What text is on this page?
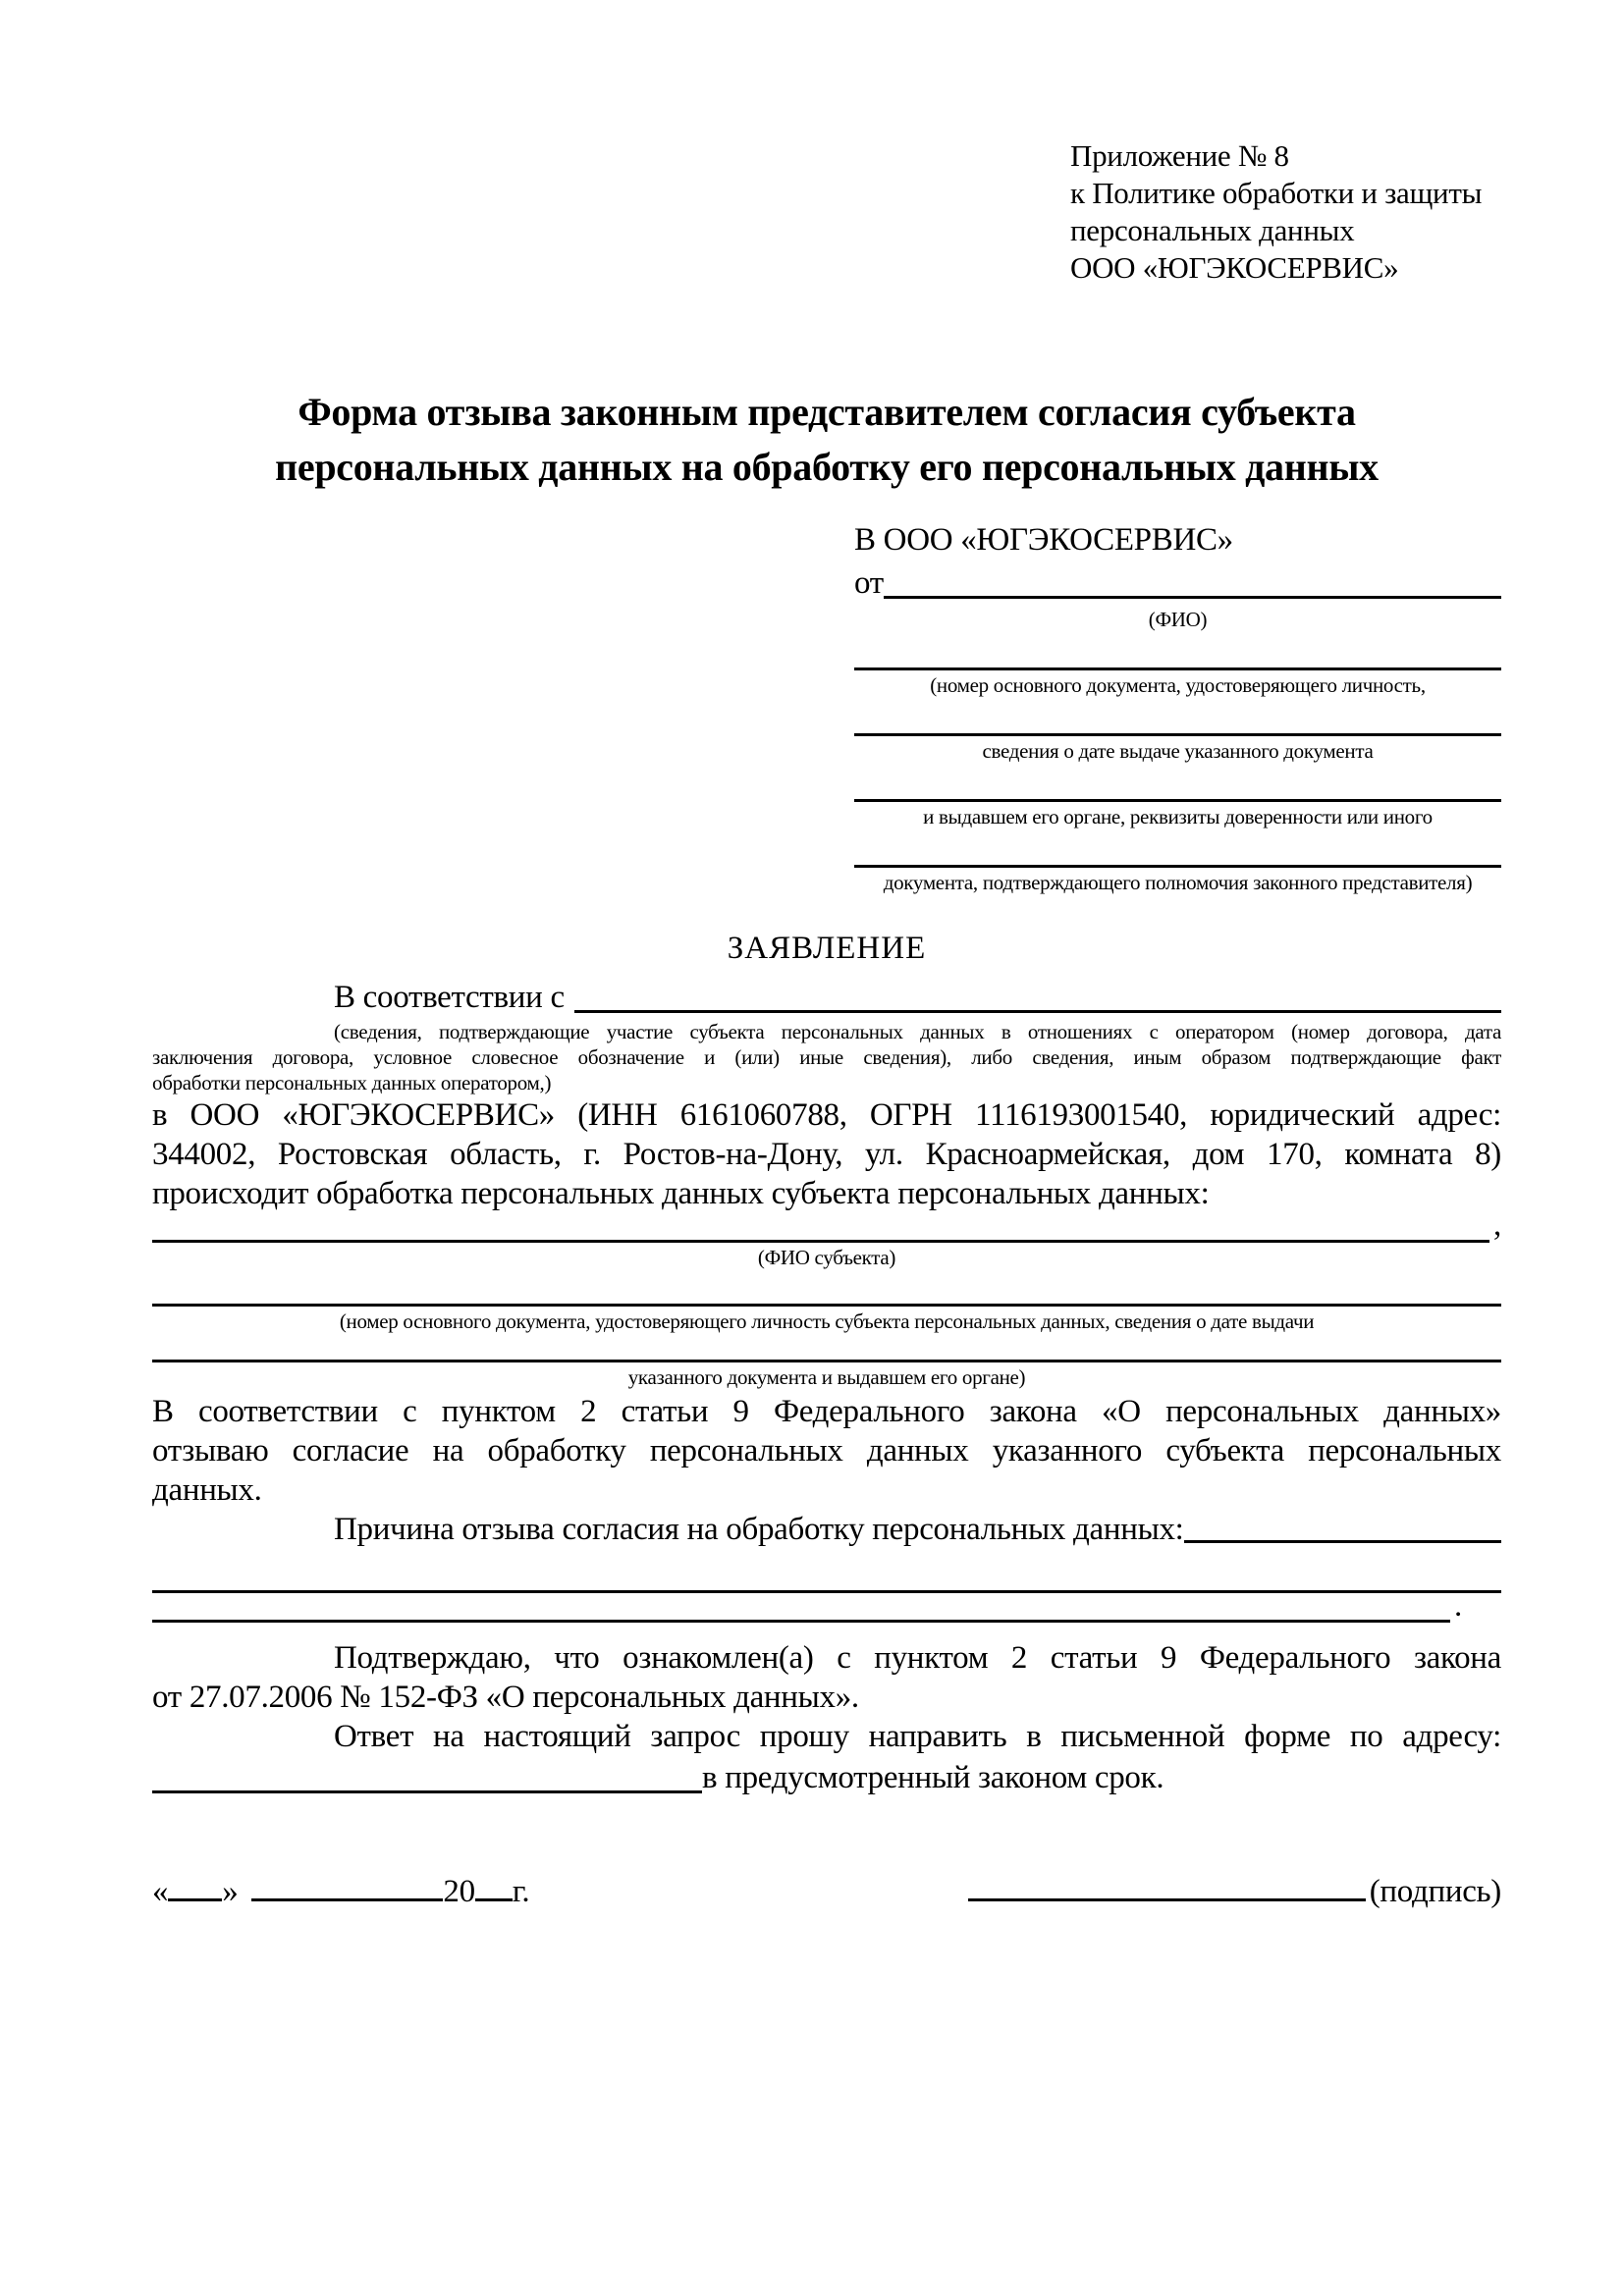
Приложение № 8
к Политике обработки и защиты
персональных данных
ООО «ЮГЭКОСЕРВИС»
Форма отзыва законным представителем согласия субъекта
персональных данных на обработку его персональных данных
В ООО «ЮГЭКОСЕРВИС»
от
(ФИО)
(номер основного документа, удостоверяющего личность,
сведения о дате выдаче указанного документа
и выдавшем его органе, реквизиты доверенности или иного
документа, подтверждающего полномочия законного представителя)
ЗАЯВЛЕНИЕ
В соответствии с
(сведения, подтверждающие участие субъекта персональных данных в отношениях с оператором (номер договора, дата
заключения договора, условное словесное обозначение и (или) иные сведения), либо сведения, иным образом подтверждающие факт
обработки персональных данных оператором,)
в ООО «ЮГЭКОСЕРВИС» (ИНН 6161060788, ОГРН 1116193001540, юридический адрес:
344002, Ростовская область, г. Ростов-на-Дону, ул. Красноармейская, дом 170, комната 8)
происходит обработка персональных данных субъекта персональных данных:
,
(ФИО субъекта)
(номер основного документа, удостоверяющего личность субъекта персональных данных, сведения о дате выдачи
указанного документа и выдавшем его органе)
В соответствии с пунктом 2 статьи 9 Федерального закона «О персональных данных»
отзываю согласие на обработку персональных данных указанного субъекта персональных
данных.
Причина отзыва согласия на обработку персональных данных:
.
Подтверждаю, что ознакомлен(а) с пунктом 2 статьи 9 Федерального закона
от 27.07.2006 № 152-ФЗ «О персональных данных».
Ответ на настоящий запрос прошу направить в письменной форме по адресу:
в предусмотренный законом срок.
« »	20 г.	(подпись)
